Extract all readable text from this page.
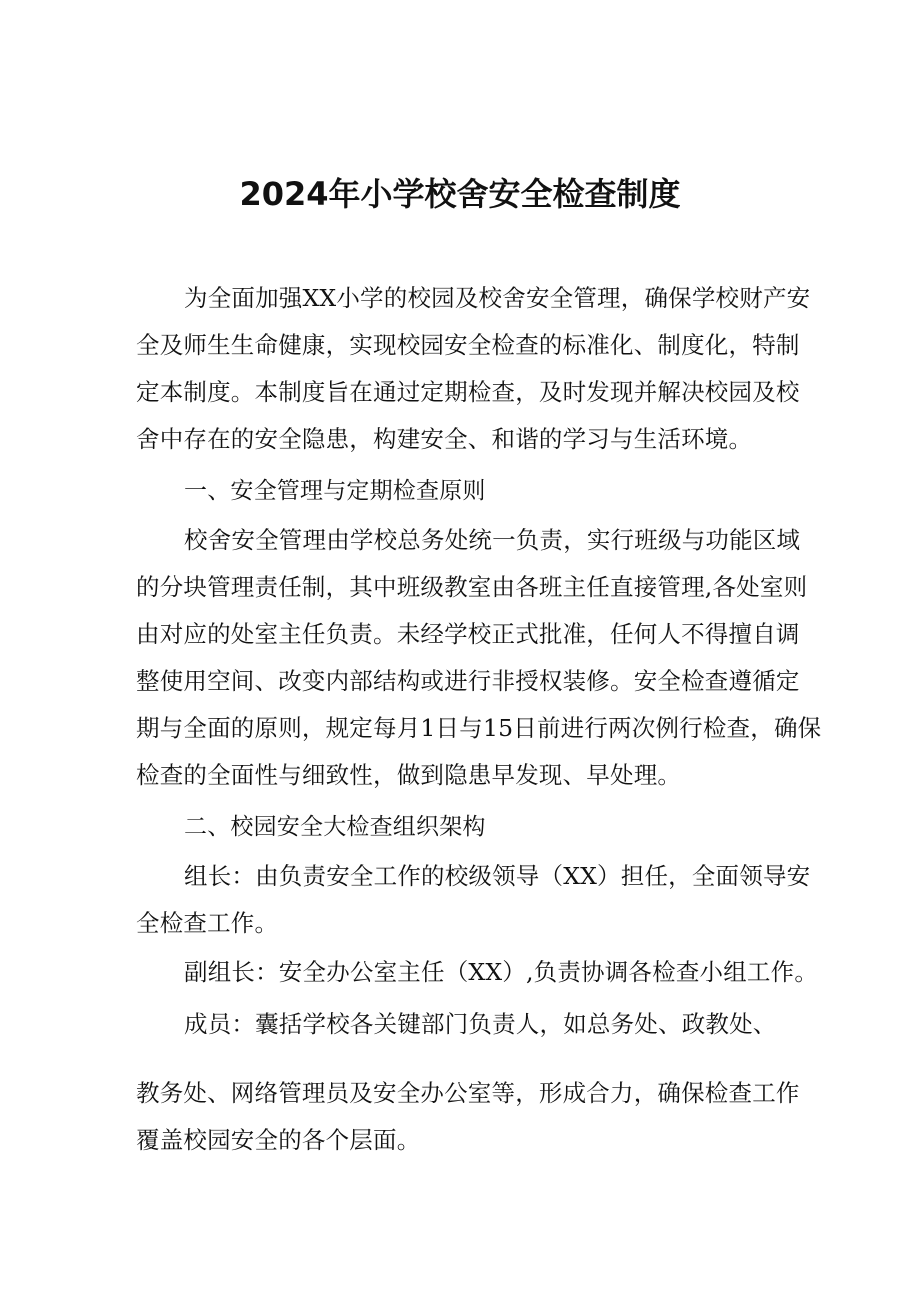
2024年小学校舍安全检查制度
为全面加强XX小学的校园及校舍安全管理，确保学校财产安
全及师生生命健康，实现校园安全检查的标准化、制度化，特制
定本制度。本制度旨在通过定期检查，及时发现并解决校园及校
舍中存在的安全隐患，构建安全、和谐的学习与生活环境。
一、安全管理与定期检查原则
校舍安全管理由学校总务处统一负责，实行班级与功能区域
的分块管理责任制，其中班级教室由各班主任直接管理,各处室则
由对应的处室主任负责。未经学校正式批准，任何人不得擅自调
整使用空间、改变内部结构或进行非授权装修。安全检查遵循定
期与全面的原则，规定每月1日与15日前进行两次例行检查，确保
检查的全面性与细致性，做到隐患早发现、早处理。
二、校园安全大检查组织架构
组长：由负责安全工作的校级领导（XX）担任，全面领导安
全检查工作。
副组长：安全办公室主任（XX）,负责协调各检查小组工作。
成员：囊括学校各关键部门负责人，如总务处、政教处、
教务处、网络管理员及安全办公室等，形成合力，确保检查工作
覆盖校园安全的各个层面。
